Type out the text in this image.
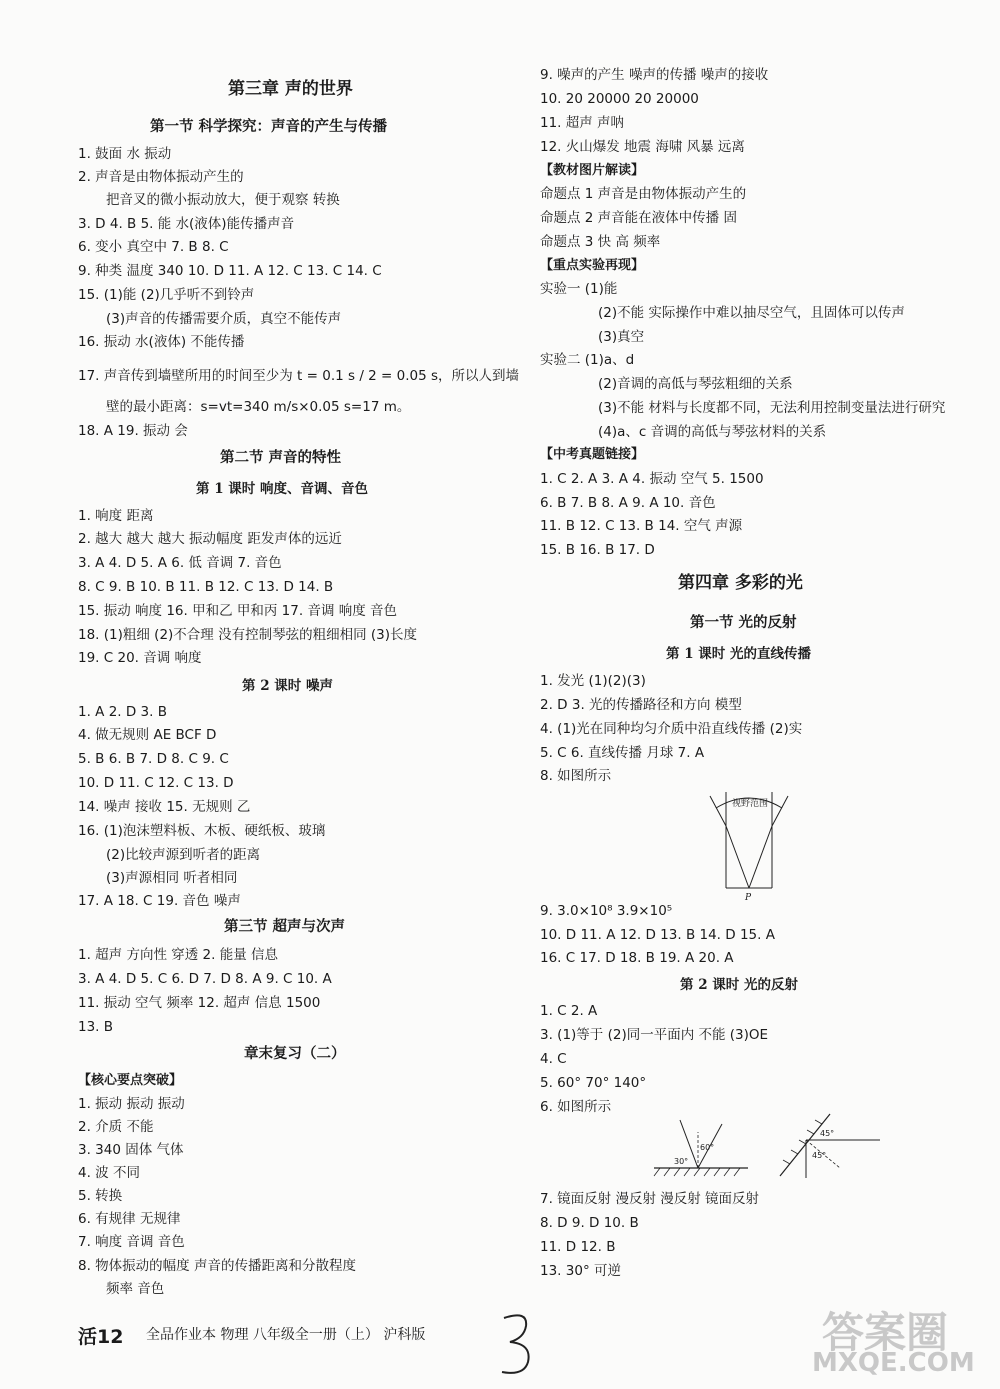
第三章 声的世界
第一节 科学探究：声音的产生与传播
1. 鼓面 水 振动
2. 声音是由物体振动产生的
把音叉的微小振动放大，便于观察 转换
3. D 4. B 5. 能 水(液体)能传播声音
6. 变小 真空中 7. B 8. C
9. 种类 温度 340 10. D 11. A 12. C 13. C 14. C
15. (1)能 (2)几乎听不到铃声
(3)声音的传播需要介质，真空不能传声
16. 振动 水(液体) 不能传播
17. 声音传到墙壁所用的时间至少为 t = 0.1 s / 2 = 0.05 s，所以人到墙
壁的最小距离：s=vt=340 m/s×0.05 s=17 m。
18. A 19. 振动 会
第二节 声音的特性
第 1 课时 响度、音调、音色
1. 响度 距离
2. 越大 越大 越大 振动幅度 距发声体的远近
3. A 4. D 5. A 6. 低 音调 7. 音色
8. C 9. B 10. B 11. B 12. C 13. D 14. B
15. 振动 响度 16. 甲和乙 甲和丙 17. 音调 响度 音色
18. (1)粗细 (2)不合理 没有控制琴弦的粗细相同 (3)长度
19. C 20. 音调 响度
第 2 课时 噪声
1. A 2. D 3. B
4. 做无规则 AE BCF D
5. B 6. B 7. D 8. C 9. C
10. D 11. C 12. C 13. D
14. 噪声 接收 15. 无规则 乙
16. (1)泡沫塑料板、木板、硬纸板、玻璃
(2)比较声源到听者的距离
(3)声源相同 听者相同
17. A 18. C 19. 音色 噪声
第三节 超声与次声
1. 超声 方向性 穿透 2. 能量 信息
3. A 4. D 5. C 6. D 7. D 8. A 9. C 10. A
11. 振动 空气 频率 12. 超声 信息 1500
13. B
章末复习（二）
【核心要点突破】
1. 振动 振动 振动
2. 介质 不能
3. 340 固体 气体
4. 波 不同
5. 转换
6. 有规律 无规律
7. 响度 音调 音色
8. 物体振动的幅度 声音的传播距离和分散程度
频率 音色
视野范围
P
30°
60°
45°
45°
9. 噪声的产生 噪声的传播 噪声的接收
10. 20 20000 20 20000
11. 超声 声呐
12. 火山爆发 地震 海啸 风暴 远离
【教材图片解读】
命题点 1 声音是由物体振动产生的
命题点 2 声音能在液体中传播 固
命题点 3 快 高 频率
【重点实验再现】
实验一 (1)能
(2)不能 实际操作中难以抽尽空气，且固体可以传声
(3)真空
实验二 (1)a、d
(2)音调的高低与琴弦粗细的关系
(3)不能 材料与长度都不同，无法利用控制变量法进行研究
(4)a、c 音调的高低与琴弦材料的关系
【中考真题链接】
1. C 2. A 3. A 4. 振动 空气 5. 1500
6. B 7. B 8. A 9. A 10. 音色
11. B 12. C 13. B 14. 空气 声源
15. B 16. B 17. D
第四章 多彩的光
第一节 光的反射
第 1 课时 光的直线传播
1. 发光 (1)(2)(3)
2. D 3. 光的传播路径和方向 模型
4. (1)光在同种均匀介质中沿直线传播 (2)实
5. C 6. 直线传播 月球 7. A
8. 如图所示
9. 3.0×10⁸ 3.9×10⁵
10. D 11. A 12. D 13. B 14. D 15. A
16. C 17. D 18. B 19. A 20. A
第 2 课时 光的反射
1. C 2. A
3. (1)等于 (2)同一平面内 不能 (3)OE
4. C
5. 60° 70° 140°
6. 如图所示
7. 镜面反射 漫反射 漫反射 镜面反射
8. D 9. D 10. B
11. D 12. B
13. 30° 可逆
活12 全品作业本 物理 八年级全一册（上） 沪科版
3	答案圈
MXQE.COM
